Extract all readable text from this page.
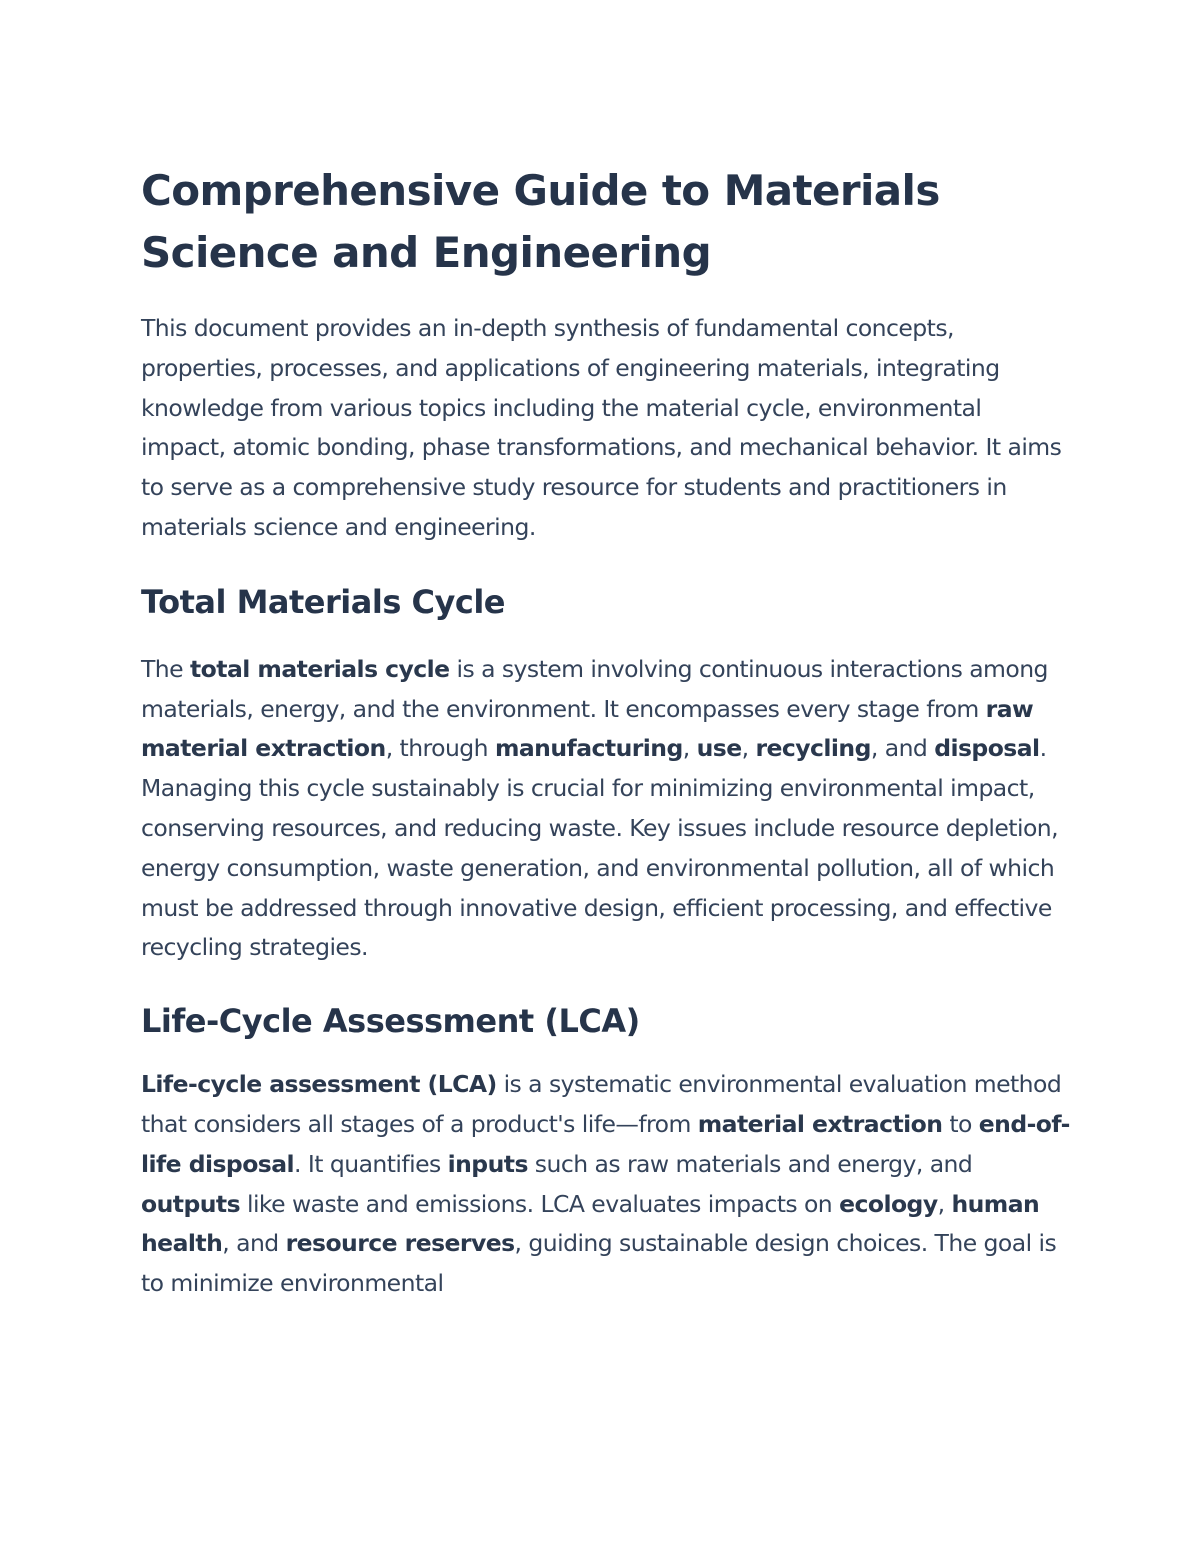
Comprehensive Guide to Materials Science and Engineering

This document provides an in-depth synthesis of fundamental concepts, properties, processes, and applications of engineering materials, integrating knowledge from various topics including the material cycle, environmental impact, atomic bonding, phase transformations, and mechanical behavior. It aims to serve as a comprehensive study resource for students and practitioners in materials science and engineering.

Total Materials Cycle

The total materials cycle is a system involving continuous interactions among materials, energy, and the environment. It encompasses every stage from raw material extraction, through manufacturing, use, recycling, and disposal. Managing this cycle sustainably is crucial for minimizing environmental impact, conserving resources, and reducing waste. Key issues include resource depletion, energy consumption, waste generation, and environmental pollution, all of which must be addressed through innovative design, efficient processing, and effective recycling strategies.

Life-Cycle Assessment (LCA)

Life-cycle assessment (LCA) is a systematic environmental evaluation method that considers all stages of a product's life—from material extraction to end-of-life disposal. It quantifies inputs such as raw materials and energy, and outputs like waste and emissions. LCA evaluates impacts on ecology, human health, and resource reserves, guiding sustainable design choices. The goal is to minimize environmental
